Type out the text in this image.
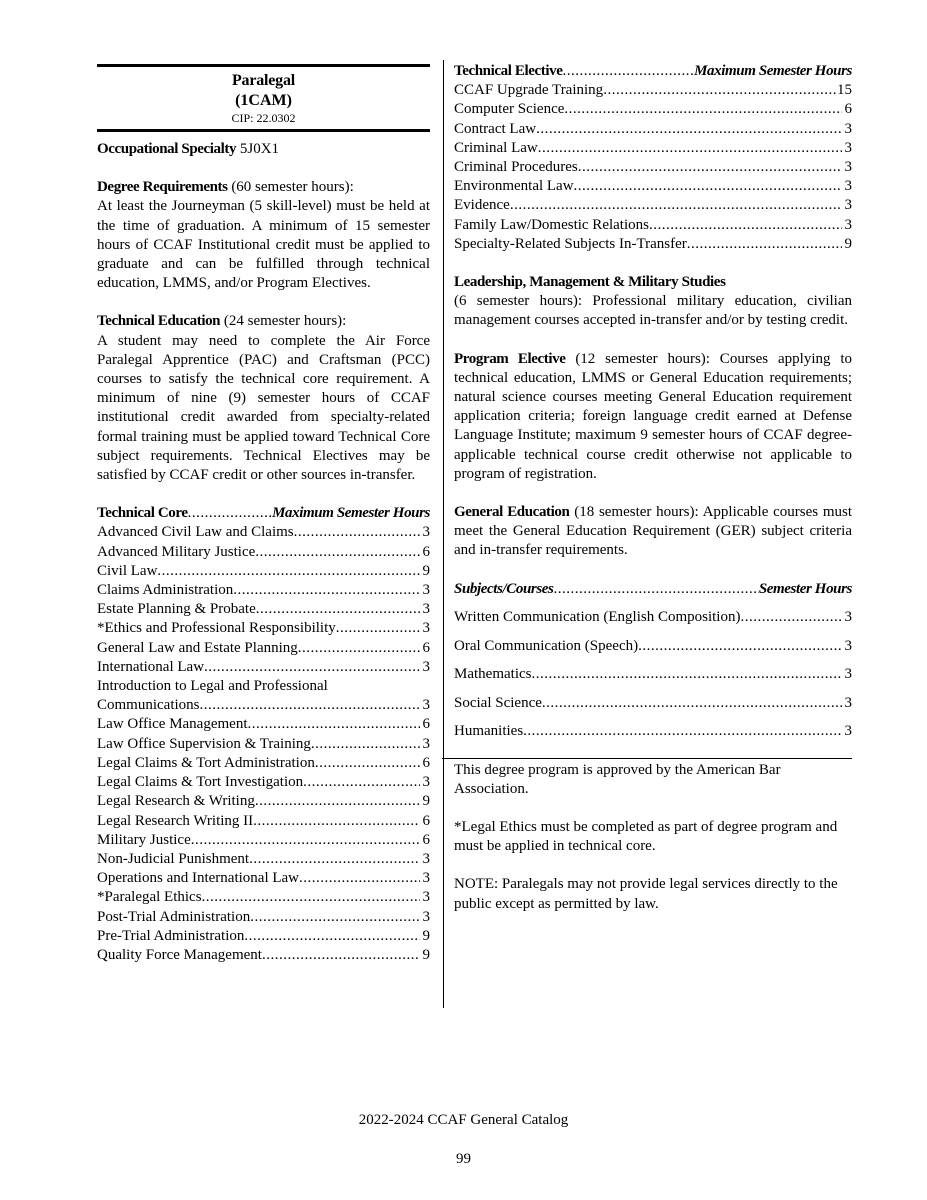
Paralegal
(1CAM)
CIP: 22.0302
Occupational Specialty 5J0X1
Degree Requirements (60 semester hours):

At least the Journeyman (5 skill-level) must be held at the time of graduation. A minimum of 15 semester hours of CCAF Institutional credit must be applied to graduate and can be fulfilled through technical education, LMMS, and/or Program Electives.

Technical Education (24 semester hours):

A student may need to complete the Air Force Paralegal Apprentice (PAC) and Craftsman (PCC) courses to satisfy the technical core requirement. A minimum of nine (9) semester hours of CCAF institutional credit awarded from specialty-related formal training must be applied toward Technical Core subject requirements. Technical Electives may be satisfied by CCAF credit or other sources in-transfer.

Technical Core .....	Maximum Semester Hours
Advanced Civil Law and Claims .....	3
Advanced Military Justice .....	6
Civil Law .....	9
Claims Administration .....	3
Estate Planning & Probate .....	3
*Ethics and Professional Responsibility .....	3
General Law and Estate Planning .....	6
International Law .....	3
Introduction to Legal and Professional
Communications .....	3
Law Office Management .....	6
Law Office Supervision & Training .....	3
Legal Claims & Tort Administration .....	6
Legal Claims & Tort Investigation .....	3
Legal Research & Writing .....	9
Legal Research Writing II .....	6
Military Justice .....	6
Non-Judicial Punishment .....	3
Operations and International Law .....	3
*Paralegal Ethics .....	3
Post-Trial Administration .....	3
Pre-Trial Administration .....	9
Quality Force Management .....	9
Technical Elective .....	Maximum Semester Hours
CCAF Upgrade Training .....	15
Computer Science .....	6
Contract Law .....	3
Criminal Law .....	3
Criminal Procedures .....	3
Environmental Law .....	3
Evidence .....	3
Family Law/Domestic Relations .....	3
Specialty-Related Subjects In-Transfer .....	9
Leadership, Management & Military Studies

(6 semester hours): Professional military education, civilian management courses accepted in-transfer and/or by testing credit.

Program Elective (12 semester hours): Courses applying to technical education, LMMS or General Education requirements; natural science courses meeting General Education requirement application criteria; foreign language credit earned at Defense Language Institute; maximum 9 semester hours of CCAF degree-applicable technical course credit otherwise not applicable to program of registration.

General Education (18 semester hours): Applicable courses must meet the General Education Requirement (GER) subject criteria and in-transfer requirements.

Subjects/Courses .....	Semester Hours
Written Communication (English Composition) .....	3
Oral Communication (Speech) .....	3
Mathematics .....	3
Social Science .....	3
Humanities .....	3

This degree program is approved by the American Bar Association.

*Legal Ethics must be completed as part of degree program and must be applied in technical core.

NOTE: Paralegals may not provide legal services directly to the public except as permitted by law.

2022-2024 CCAF General Catalog
99
